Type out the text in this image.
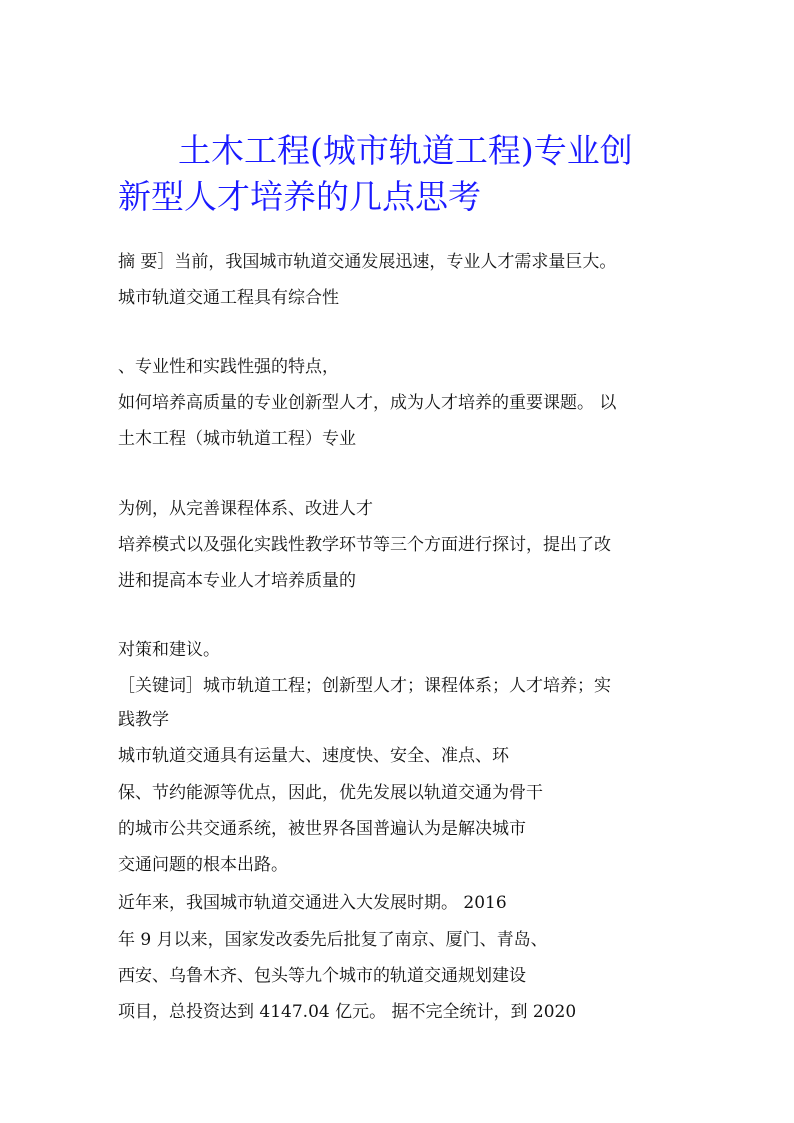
土木工程(城市轨道工程)专业创
新型人才培养的几点思考
摘 要］当前，我国城市轨道交通发展迅速，专业人才需求量巨大。
城市轨道交通工程具有综合性
、专业性和实践性强的特点，
如何培养高质量的专业创新型人才，成为人才培养的重要课题。 以
土木工程（城市轨道工程）专业
为例，从完善课程体系、改进人才
培养模式以及强化实践性教学环节等三个方面进行探讨，提出了改
进和提高本专业人才培养质量的
对策和建议。
［关键词］城市轨道工程；创新型人才；课程体系；人才培养；实
践教学
城市轨道交通具有运量大、速度快、安全、准点、环
保、节约能源等优点，因此，优先发展以轨道交通为骨干
的城市公共交通系统，被世界各国普遍认为是解决城市
交通问题的根本出路。
近年来，我国城市轨道交通进入大发展时期。 2016
年 9 月以来，国家发改委先后批复了南京、厦门、青岛、
西安、乌鲁木齐、包头等九个城市的轨道交通规划建设
项目，总投资达到 4147.04 亿元。 据不完全统计，到 2020
